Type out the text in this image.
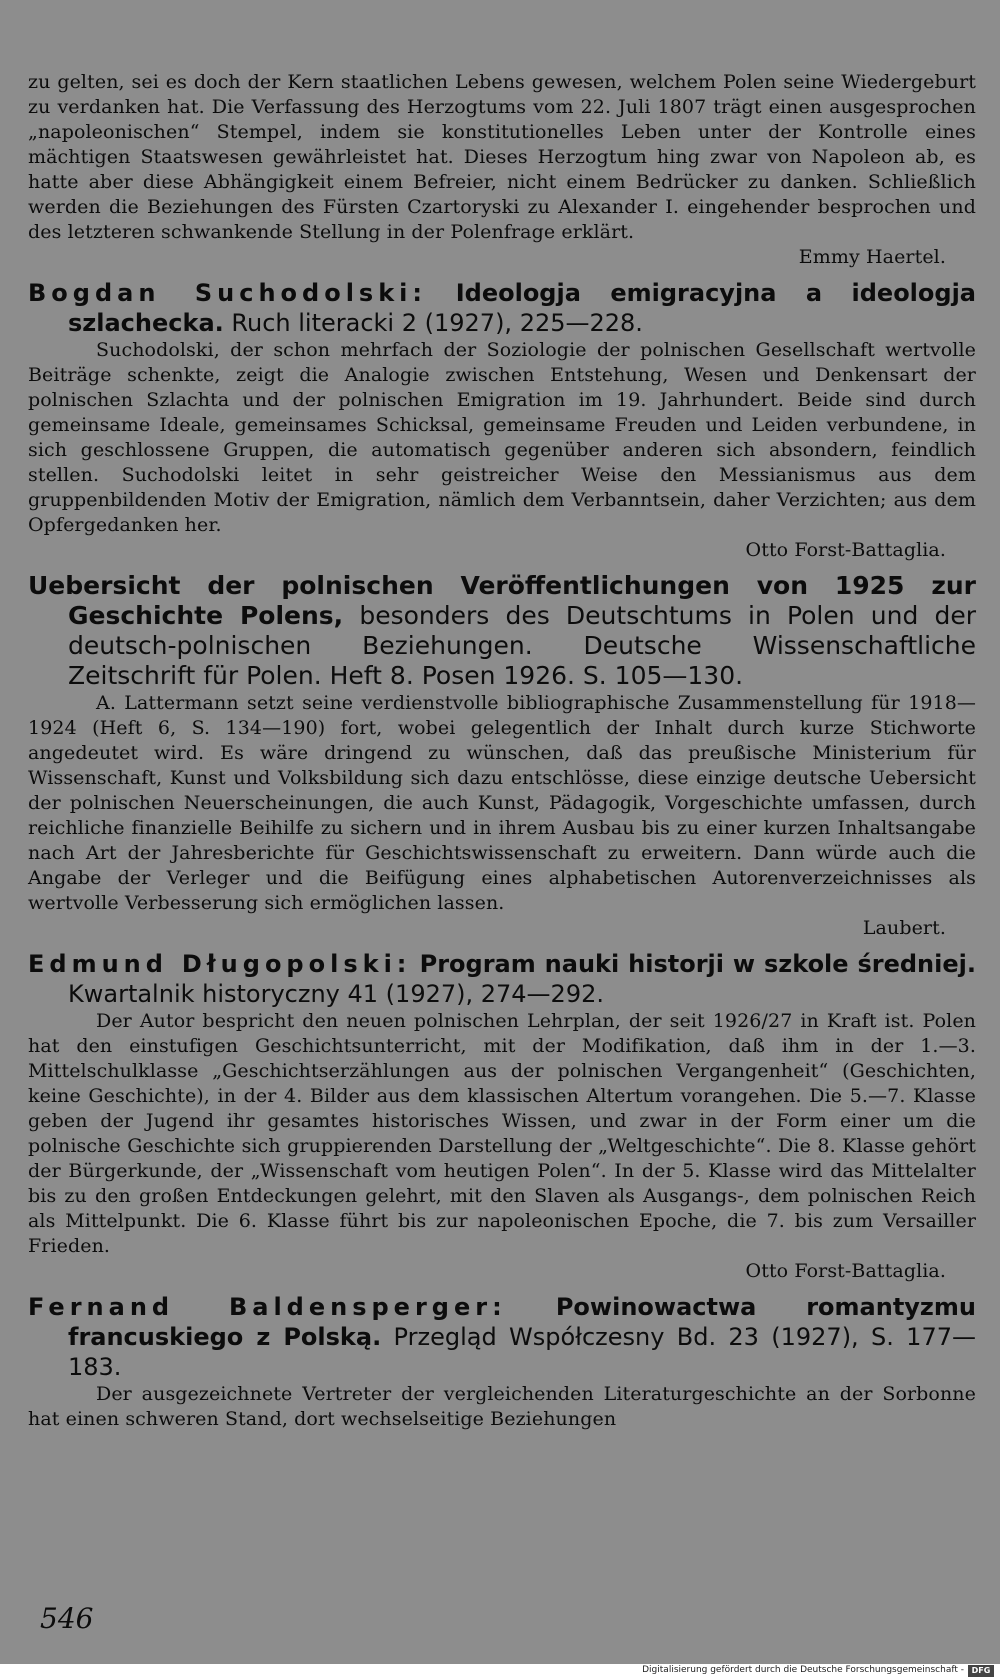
zu gelten, sei es doch der Kern staatlichen Lebens gewesen, welchem Polen seine Wiedergeburt zu verdanken hat. Die Verfassung des Herzogtums vom 22. Juli 1807 trägt einen ausgesprochen „napoleonischen“ Stempel, indem sie konstitutionelles Leben unter der Kontrolle eines mächtigen Staatswesen gewährleistet hat. Dieses Herzogtum hing zwar von Napoleon ab, es hatte aber diese Abhängigkeit einem Befreier, nicht einem Bedrücker zu danken. Schließlich werden die Beziehungen des Fürsten Czartoryski zu Alexander I. eingehender besprochen und des letzteren schwankende Stellung in der Polenfrage erklärt.

Emmy Haertel.

Bogdan Suchodolski: Ideologja emigracyjna a ideologja szlachecka. Ruch literacki 2 (1927), 225—228.

Suchodolski, der schon mehrfach der Soziologie der polnischen Gesellschaft wertvolle Beiträge schenkte, zeigt die Analogie zwischen Entstehung, Wesen und Denkensart der polnischen Szlachta und der polnischen Emigration im 19. Jahrhundert. Beide sind durch gemeinsame Ideale, gemeinsames Schicksal, gemeinsame Freuden und Leiden verbundene, in sich geschlossene Gruppen, die automatisch gegenüber anderen sich absondern, feindlich stellen. Suchodolski leitet in sehr geistreicher Weise den Messianismus aus dem gruppenbildenden Motiv der Emigration, nämlich dem Verbanntsein, daher Verzichten; aus dem Opfergedanken her.

Otto Forst-Battaglia.

Uebersicht der polnischen Veröffentlichungen von 1925 zur Geschichte Polens, besonders des Deutschtums in Polen und der deutsch-polnischen Beziehungen. Deutsche Wissenschaftliche Zeitschrift für Polen. Heft 8. Posen 1926. S. 105—130.

A. Lattermann setzt seine verdienstvolle bibliographische Zusammenstellung für 1918—1924 (Heft 6, S. 134—190) fort, wobei gelegentlich der Inhalt durch kurze Stichworte angedeutet wird. Es wäre dringend zu wünschen, daß das preußische Ministerium für Wissenschaft, Kunst und Volksbildung sich dazu entschlösse, diese einzige deutsche Uebersicht der polnischen Neuerscheinungen, die auch Kunst, Pädagogik, Vorgeschichte umfassen, durch reichliche finanzielle Beihilfe zu sichern und in ihrem Ausbau bis zu einer kurzen Inhaltsangabe nach Art der Jahresberichte für Geschichtswissenschaft zu erweitern. Dann würde auch die Angabe der Verleger und die Beifügung eines alphabetischen Autorenverzeichnisses als wertvolle Verbesserung sich ermöglichen lassen.

Laubert.

Edmund Długopolski: Program nauki historji w szkole średniej. Kwartalnik historyczny 41 (1927), 274—292.

Der Autor bespricht den neuen polnischen Lehrplan, der seit 1926/27 in Kraft ist. Polen hat den einstufigen Geschichtsunterricht, mit der Modifikation, daß ihm in der 1.—3. Mittelschulklasse „Geschichtserzählungen aus der polnischen Vergangenheit“ (Geschichten, keine Geschichte), in der 4. Bilder aus dem klassischen Altertum vorangehen. Die 5.—7. Klasse geben der Jugend ihr gesamtes historisches Wissen, und zwar in der Form einer um die polnische Geschichte sich gruppierenden Darstellung der „Weltgeschichte“. Die 8. Klasse gehört der Bürgerkunde, der „Wissenschaft vom heutigen Polen“. In der 5. Klasse wird das Mittelalter bis zu den großen Entdeckungen gelehrt, mit den Slaven als Ausgangs-, dem polnischen Reich als Mittelpunkt. Die 6. Klasse führt bis zur napoleonischen Epoche, die 7. bis zum Versailler Frieden.

Otto Forst-Battaglia.

Fernand Baldensperger: Powinowactwa romantyzmu francuskiego z Polską. Przegląd Współczesny Bd. 23 (1927), S. 177—183.

Der ausgezeichnete Vertreter der vergleichenden Literaturgeschichte an der Sorbonne hat einen schweren Stand, dort wechselseitige Beziehungen

546
Digitalisierung gefördert durch die Deutsche Forschungsgemeinschaft - DFG
